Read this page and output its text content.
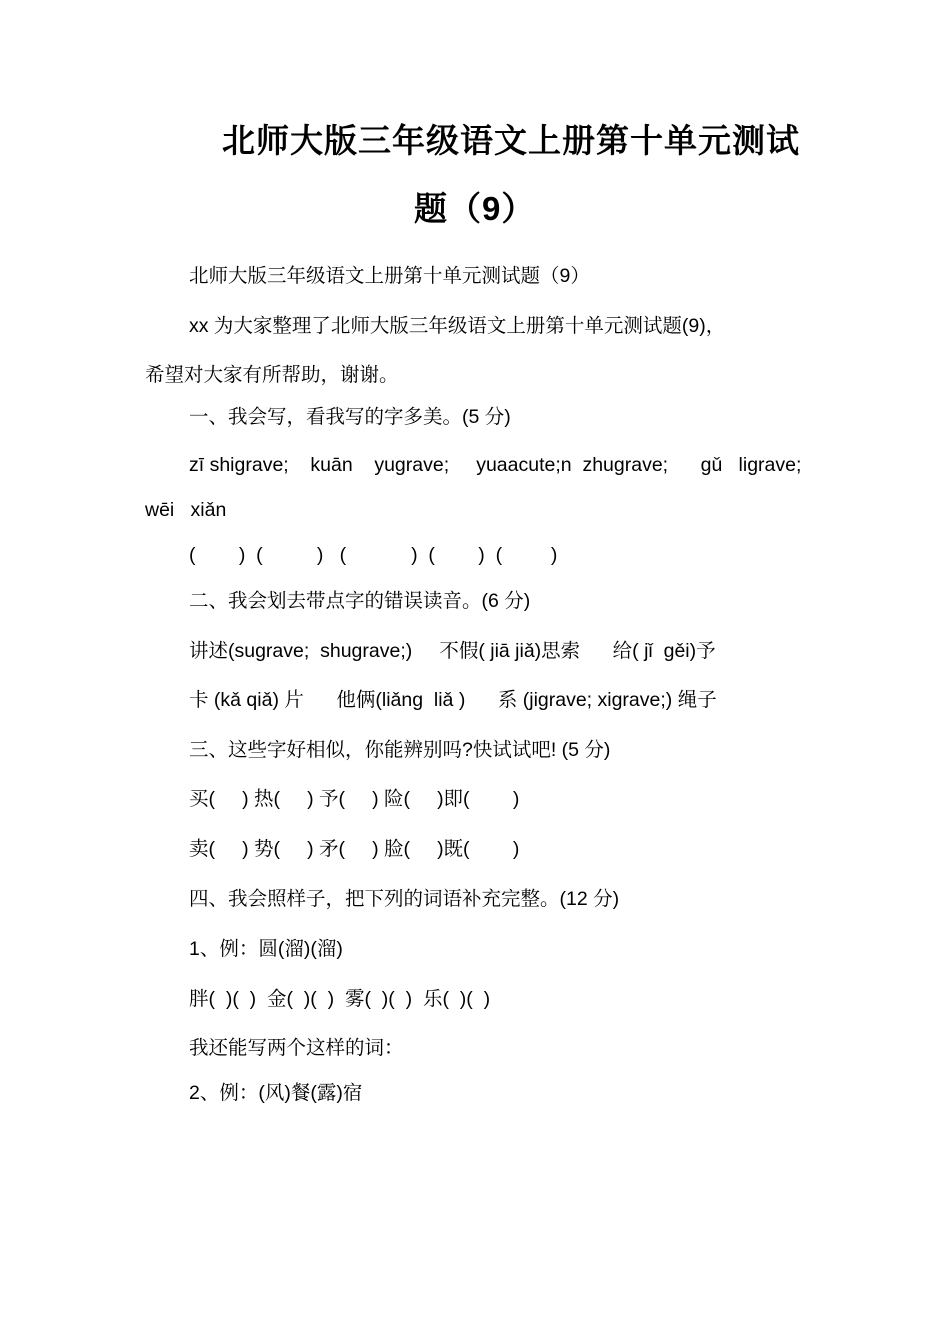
北师大版三年级语文上册第十单元测试
题（9）
北师大版三年级语文上册第十单元测试题（9）
xx 为大家整理了北师大版三年级语文上册第十单元测试题(9)，
希望对大家有所帮助，谢谢。
一、我会写，看我写的字多美。(5 分)
zī shigrave;    kuān    yugrave;     yuaacute;n  zhugrave;      gǔ   ligrave;
wēi   xiǎn
(        )  (          )   (            )  (        )  (         )
二、我会划去带点字的错误读音。(6 分)
讲述(sugrave;  shugrave;)     不假( jiā jiǎ)思索      给( jǐ  gěi)予
卡 (kǎ qiǎ) 片      他俩(liǎng  liǎ )      系 (jigrave; xigrave;) 绳子
三、这些字好相似，你能辨别吗?快试试吧! (5 分)
买(     ) 热(     ) 予(     ) 险(     )即(        )
卖(     ) 势(     ) 矛(     ) 脸(     )既(        )
四、我会照样子，把下列的词语补充完整。(12 分)
1、例：圆(溜)(溜)
胖(  )(  )  金(  )(  )  雾(  )(  )  乐(  )(  )
我还能写两个这样的词：
2、例：(风)餐(露)宿
